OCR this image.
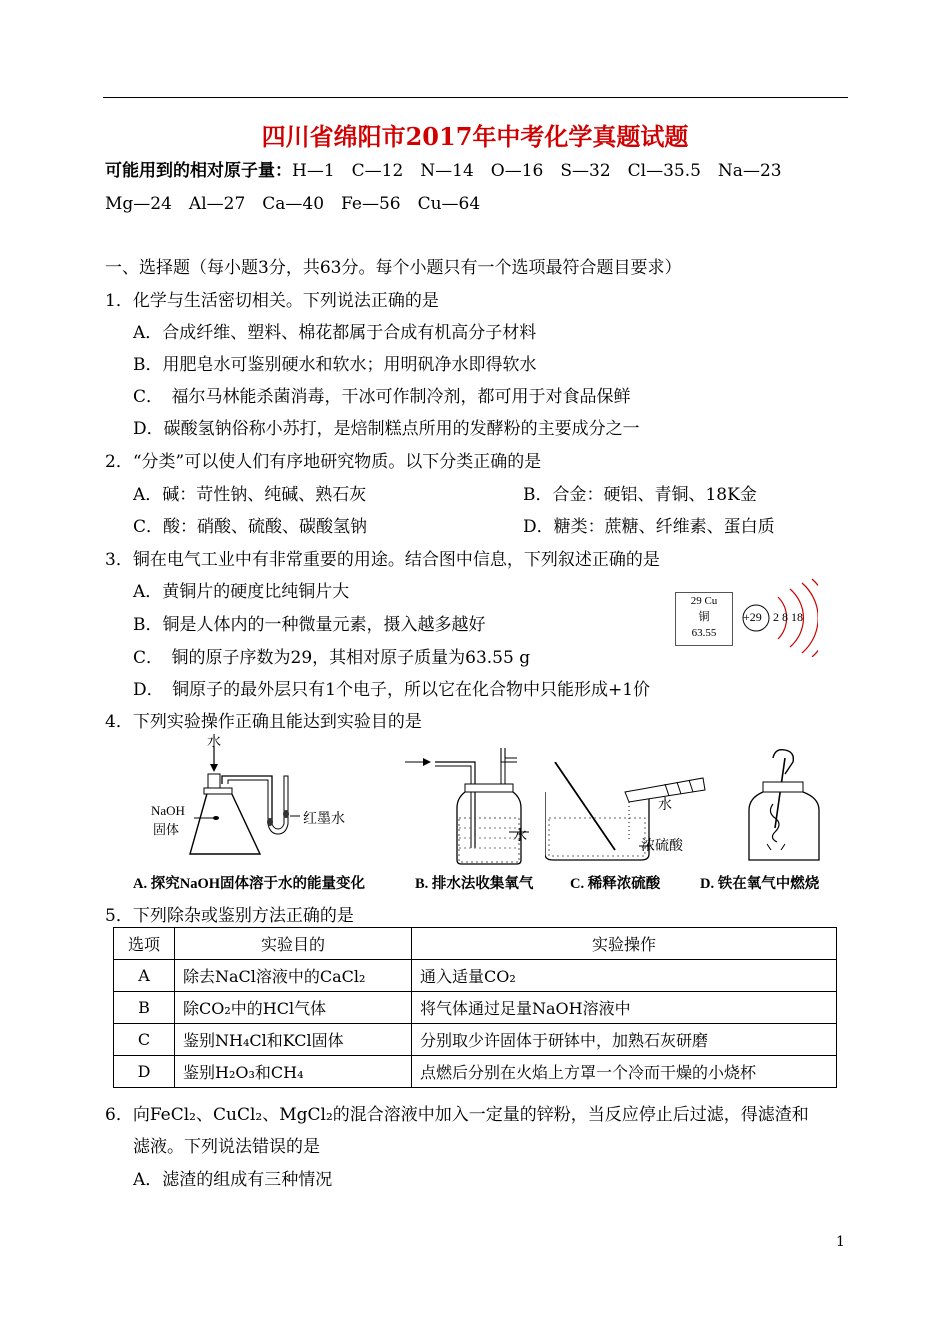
四川省绵阳市2017年中考化学真题试题
可能用到的相对原子量：H—1　C—12　N—14　O—16　S—32　Cl—35.5　Na—23
Mg—24　Al—27　Ca—40　Fe—56　Cu—64
一、选择题（每小题3分，共63分。每个小题只有一个选项最符合题目要求）
1．化学与生活密切相关。下列说法正确的是
A．合成纤维、塑料、棉花都属于合成有机高分子材料
B．用肥皂水可鉴别硬水和软水；用明矾净水即得软水
C．　福尔马林能杀菌消毒，干冰可作制冷剂，都可用于对食品保鲜
D．碳酸氢钠俗称小苏打，是焙制糕点所用的发酵粉的主要成分之一
2．“分类”可以使人们有序地研究物质。以下分类正确的是
A．碱：苛性钠、纯碱、熟石灰	B．合金：硬铝、青铜、18K金
C．酸：硝酸、硫酸、碳酸氢钠	D．糖类：蔗糖、纤维素、蛋白质
3．铜在电气工业中有非常重要的用途。结合图中信息，下列叙述正确的是
A．黄铜片的硬度比纯铜片大
B．铜是人体内的一种微量元素，摄入越多越好
C．　铜的原子序数为29，其相对原子质量为63.55 g
D．　铜原子的最外层只有1个电子，所以它在化合物中只能形成+1价
29 Cu
铜
63.55
+29 2 8 18
4．下列实验操作正确且能达到实验目的是
水
NaOH
固体
红墨水
水
水
浓硫酸
A. 探究NaOH固体溶于水的能量变化	B. 排水法收集氧气	C. 稀释浓硫酸	D. 铁在氧气中燃烧
5．下列除杂或鉴别方法正确的是
选项	实验目的	实验操作
A	除去NaCl溶液中的CaCl₂	通入适量CO₂
B	除CO₂中的HCl气体	将气体通过足量NaOH溶液中
C	鉴别NH₄Cl和KCl固体	分别取少许固体于研钵中，加熟石灰研磨
D	鉴别H₂O₃和CH₄	点燃后分别在火焰上方罩一个冷而干燥的小烧杯
6．向FeCl₂、CuCl₂、MgCl₂的混合溶液中加入一定量的锌粉，当反应停止后过滤，得滤渣和
滤液。下列说法错误的是
A．滤渣的组成有三种情况
1
